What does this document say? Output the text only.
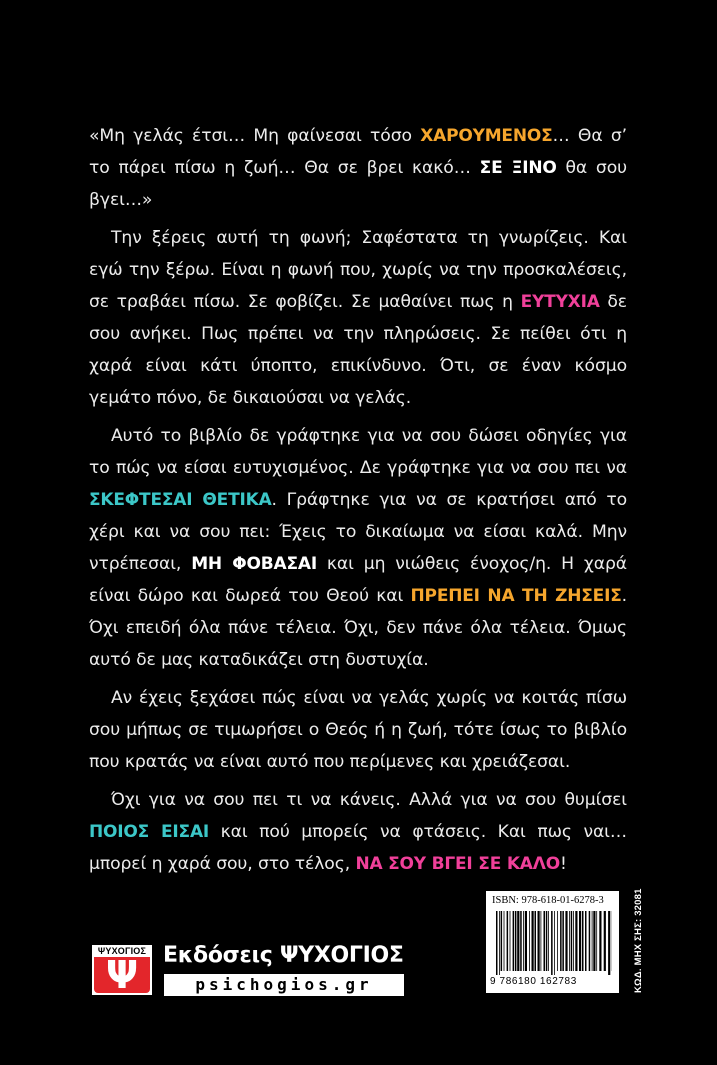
«Μη γελάς έτσι… Μη φαίνεσαι τόσο ΧΑΡΟΥΜΕΝΟΣ… Θα σ’ το πάρει πίσω η ζωή… Θα σε βρει κακό… ΣΕ ΞΙΝΟ θα σου βγει…»

Την ξέρεις αυτή τη φωνή; Σαφέστατα τη γνωρίζεις. Και εγώ την ξέρω. Είναι η φωνή που, χωρίς να την προσκαλέσεις, σε τραβάει πίσω. Σε φοβίζει. Σε μαθαίνει πως η ΕΥΤΥΧΙΑ δε σου ανήκει. Πως πρέπει να την πληρώσεις. Σε πείθει ότι η χαρά είναι κάτι ύποπτο, επικίνδυνο. Ότι, σε έναν κόσμο γεμάτο πόνο, δε δικαιούσαι να γελάς.

Αυτό το βιβλίο δε γράφτηκε για να σου δώσει οδηγίες για το πώς να είσαι ευτυχισμένος. Δε γράφτηκε για να σου πει να ΣΚΕΦΤΕΣΑΙ ΘΕΤΙΚΑ. Γράφτηκε για να σε κρατήσει από το χέρι και να σου πει: Έχεις το δικαίωμα να είσαι καλά. Μην ντρέπεσαι, ΜΗ ΦΟΒΑΣΑΙ και μη νιώθεις ένοχος/η. Η χαρά είναι δώρο και δωρεά του Θεού και ΠΡΕΠΕΙ ΝΑ ΤΗ ΖΗΣΕΙΣ. Όχι επειδή όλα πάνε τέλεια. Όχι, δεν πάνε όλα τέλεια. Όμως αυτό δε μας καταδικάζει στη δυστυχία.

Αν έχεις ξεχάσει πώς είναι να γελάς χωρίς να κοιτάς πίσω σου μήπως σε τιμωρήσει ο Θεός ή η ζωή, τότε ίσως το βιβλίο που κρατάς να είναι αυτό που περίμενες και χρειάζεσαι.

Όχι για να σου πει τι να κάνεις. Αλλά για να σου θυμίσει ΠΟΙΟΣ ΕΙΣΑΙ και πού μπορείς να φτάσεις. Και πως ναι… μπορεί η χαρά σου, στο τέλος, ΝΑ ΣΟΥ ΒΓΕΙ ΣΕ ΚΑΛΟ!

ΨΥΧΟΓΙΟΣ
Ψ	Εκδόσεις ΨΥΧΟΓΙΟΣ
psichogios.gr
ISBN: 978-618-01-6278-3
9 786180 162783	ΚΩΔ. ΜΗΧ ΣΗΣ: 32081
